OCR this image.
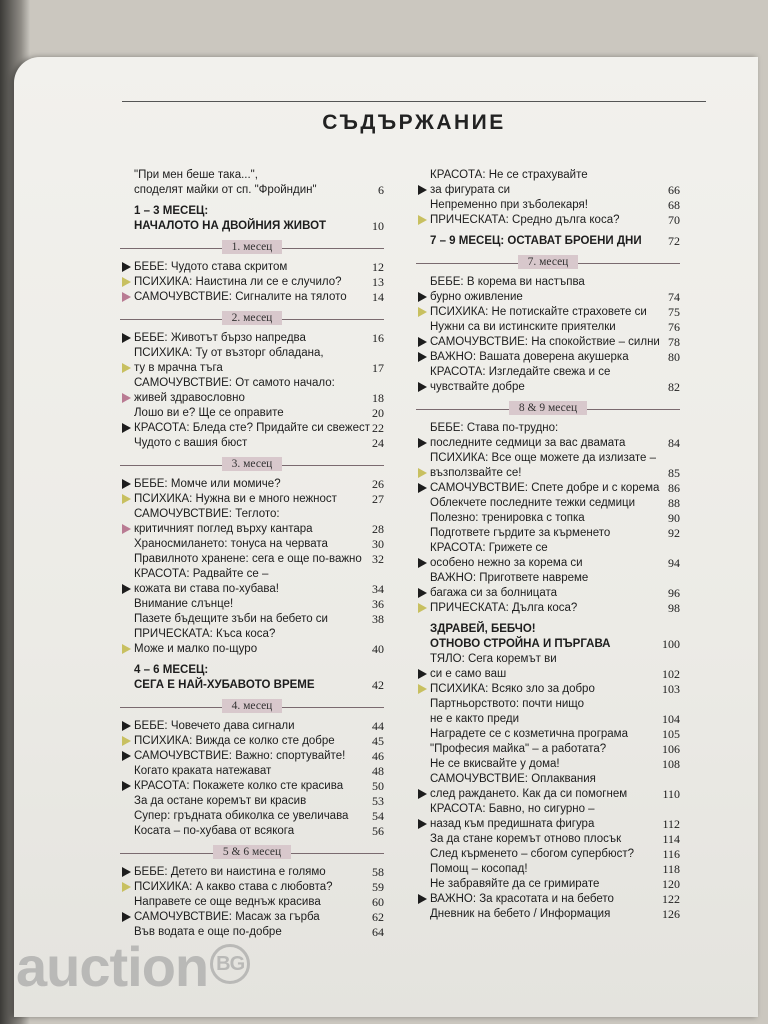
СЪДЪРЖАНИЕ
"При мен беше така...",
споделят майки от сп. "Фройндин"	6
1 – 3 МЕСЕЦ:
НАЧАЛОТО НА ДВОЙНИЯ ЖИВОТ	10
1. месец
БЕБЕ: Чудото става скритом	12
ПСИХИКА: Наистина ли се е случило?	13
САМОЧУВСТВИЕ: Сигналите на тялото	14
2. месец
БЕБЕ: Животът бързо напредва	16
ПСИХИКА: Ту от възторг обладана,
ту в мрачна тъга	17
САМОЧУВСТВИЕ: От самото начало:
живей здравословно	18
Лошо ви е? Ще се оправите	20
КРАСОТА: Бледа сте? Придайте си свежест 22
Чудото с вашия бюст	24
3. месец
БЕБЕ: Момче или момиче?	26
ПСИХИКА: Нужна ви е много нежност	27
САМОЧУВСТВИЕ: Теглото:
критичният поглед върху кантара	28
Храносмилането: тонуса на червата	30
Правилното хранене: сега е още по-важно 32
КРАСОТА: Радвайте се –
кожата ви става по-хубава!	34
Внимание слънце!	36
Пазете бъдещите зъби на бебето си	38
ПРИЧЕСКАТА: Къса коса?
Може и малко по-щуро	40
4 – 6 МЕСЕЦ:
СЕГА Е НАЙ-ХУБАВОТО ВРЕМЕ	42
4. месец
БЕБЕ: Човечето дава сигнали	44
ПСИХИКА: Вижда се колко сте добре	45
САМОЧУВСТВИЕ: Важно: спортувайте!	46
Когато краката натежават	48
КРАСОТА: Покажете колко сте красива	50
За да остане коремът ви красив	53
Супер: гръдната обиколка се увеличава	54
Косата – по-хубава от всякога	56
5 & 6 месец
БЕБЕ: Детето ви наистина е голямо	58
ПСИХИКА: А какво става с любовта?	59
Направете се още веднъж красива	60
САМОЧУВСТВИЕ: Масаж за гърба	62
Във водата е още по-добре	64
КРАСОТА: Не се страхувайте
за фигурата си	66
Непременно при зъболекаря!	68
ПРИЧЕСКАТА: Средно дълга коса?	70
7 – 9 МЕСЕЦ: ОСТАВАТ БРОЕНИ ДНИ	72
7. месец
БЕБЕ: В корема ви настъпва
бурно оживление	74
ПСИХИКА: Не потискайте страховете си	75
Нужни са ви истинските приятелки	76
САМОЧУВСТВИЕ: На спокойствие – силни 78
ВАЖНО: Вашата доверена акушерка	80
КРАСОТА: Изгледайте свежа и се
чувствайте добре	82
8 & 9 месец
БЕБЕ: Става по-трудно:
последните седмици за вас двамата	84
ПСИХИКА: Все още можете да излизате –
възползвайте се!	85
САМОЧУВСТВИЕ: Спете добре и с корема 86
Облекчете последните тежки седмици	88
Полезно: тренировка с топка	90
Подгответе гърдите за кърменето	92
КРАСОТА: Грижете се
особено нежно за корема си	94
ВАЖНО: Пригответе навреме
багажа си за болницата	96
ПРИЧЕСКАТА: Дълга коса?	98
ЗДРАВЕЙ, БЕБЧО!
ОТНОВО СТРОЙНА И ПЪРГАВА	100
ТЯЛО: Сега коремът ви
си е само ваш	102
ПСИХИКА: Всяко зло за добро	103
Партньорството: почти нищо
не е както преди	104
Наградете се с козметична програма	105
"Професия майка" – а работата?	106
Не се вкисвайте у дома!	108
САМОЧУВСТВИЕ: Оплаквания
след раждането. Как да си помогнем	110
КРАСОТА: Бавно, но сигурно –
назад към предишната фигура	112
За да стане коремът отново плосък	114
След кърменето – сбогом супербюст?	116
Помощ – косопад!	118
Не забравяйте да се гримирате	120
ВАЖНО: За красотата и на бебето	122
Дневник на бебето / Информация	126
auction BG
